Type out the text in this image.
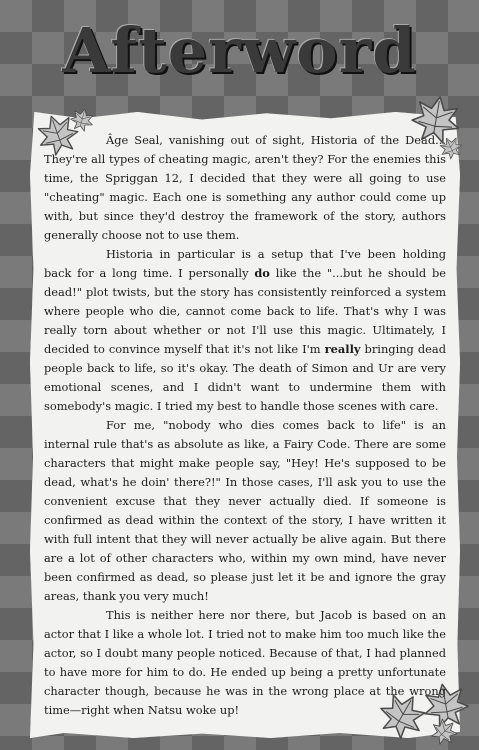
Afterword

Âge Seal, vanishing out of sight, Historia of the Dead... They're all types of cheating magic, aren't they? For the enemies this time, the Spriggan 12, I decided that they were all going to use "cheating" magic. Each one is something any author could come up with, but since they'd destroy the framework of the story, authors generally choose not to use them.

Historia in particular is a setup that I've been holding back for a long time. I personally do like the "...but he should be dead!" plot twists, but the story has consistently reinforced a system where people who die, cannot come back to life. That's why I was really torn about whether or not I'll use this magic. Ultimately, I decided to convince myself that it's not like I'm really bringing dead people back to life, so it's okay. The death of Simon and Ur are very emotional scenes, and I didn't want to undermine them with somebody's magic. I tried my best to handle those scenes with care.

For me, "nobody who dies comes back to life" is an internal rule that's as absolute as like, a Fairy Code. There are some characters that might make people say, "Hey! He's supposed to be dead, what's he doin' there?!" In those cases, I'll ask you to use the convenient excuse that they never actually died. If someone is confirmed as dead within the context of the story, I have written it with full intent that they will never actually be alive again. But there are a lot of other characters who, within my own mind, have never been confirmed as dead, so please just let it be and ignore the gray areas, thank you very much!

This is neither here nor there, but Jacob is based on an actor that I like a whole lot. I tried not to make him too much like the actor, so I doubt many people noticed. Because of that, I had planned to have more for him to do. He ended up being a pretty unfortunate character though, because he was in the wrong place at the wrong time—right when Natsu woke up!
